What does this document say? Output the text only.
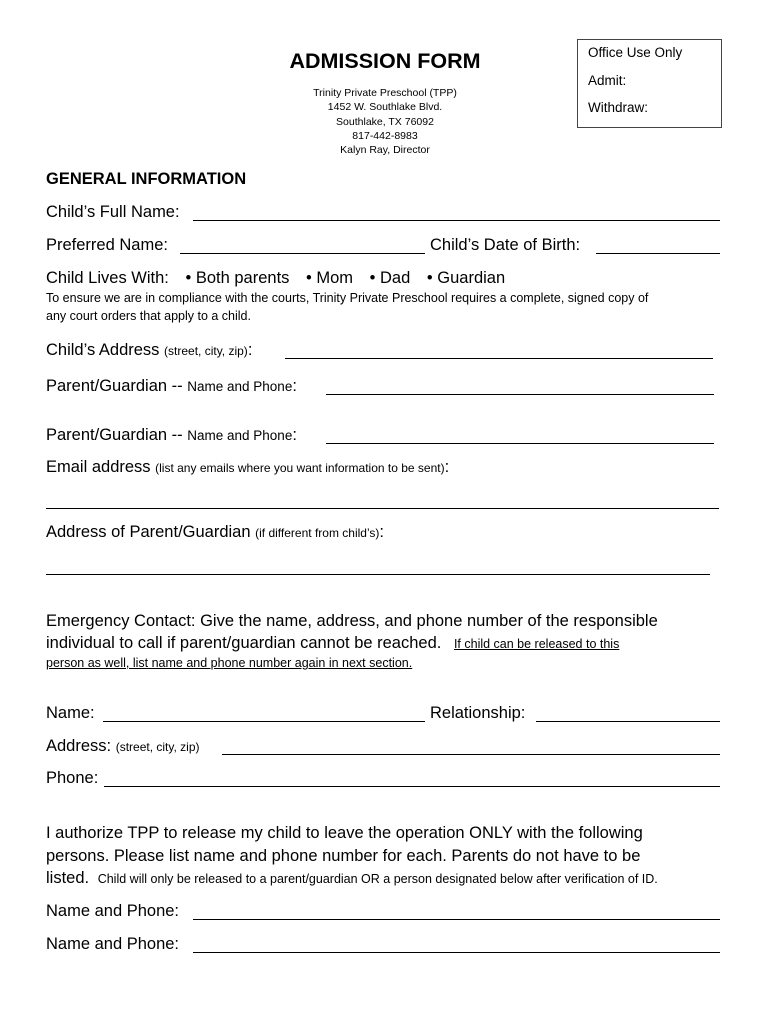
Office Use Only
Admit:
Withdraw:
ADMISSION FORM
Trinity Private Preschool (TPP)
1452 W. Southlake Blvd.
Southlake, TX 76092
817-442-8983
Kalyn Ray, Director
GENERAL INFORMATION
Child’s Full Name:
Preferred Name:	Child’s Date of Birth:
Child Lives With: • Both parents • Mom • Dad • Guardian
To ensure we are in compliance with the courts, Trinity Private Preschool requires a complete, signed copy of
any court orders that apply to a child.
Child’s Address (street, city, zip):
Parent/Guardian -- Name and Phone:
Parent/Guardian -- Name and Phone:
Email address (list any emails where you want information to be sent):
Address of Parent/Guardian (if different from child’s):
Emergency Contact: Give the name, address, and phone number of the responsible
individual to call if parent/guardian cannot be reached. If child can be released to this
person as well, list name and phone number again in next section.
Name:	Relationship:
Address: (street, city, zip)
Phone:
I authorize TPP to release my child to leave the operation ONLY with the following
persons. Please list name and phone number for each. Parents do not have to be
listed. Child will only be released to a parent/guardian OR a person designated below after verification of ID.
Name and Phone:
Name and Phone:
